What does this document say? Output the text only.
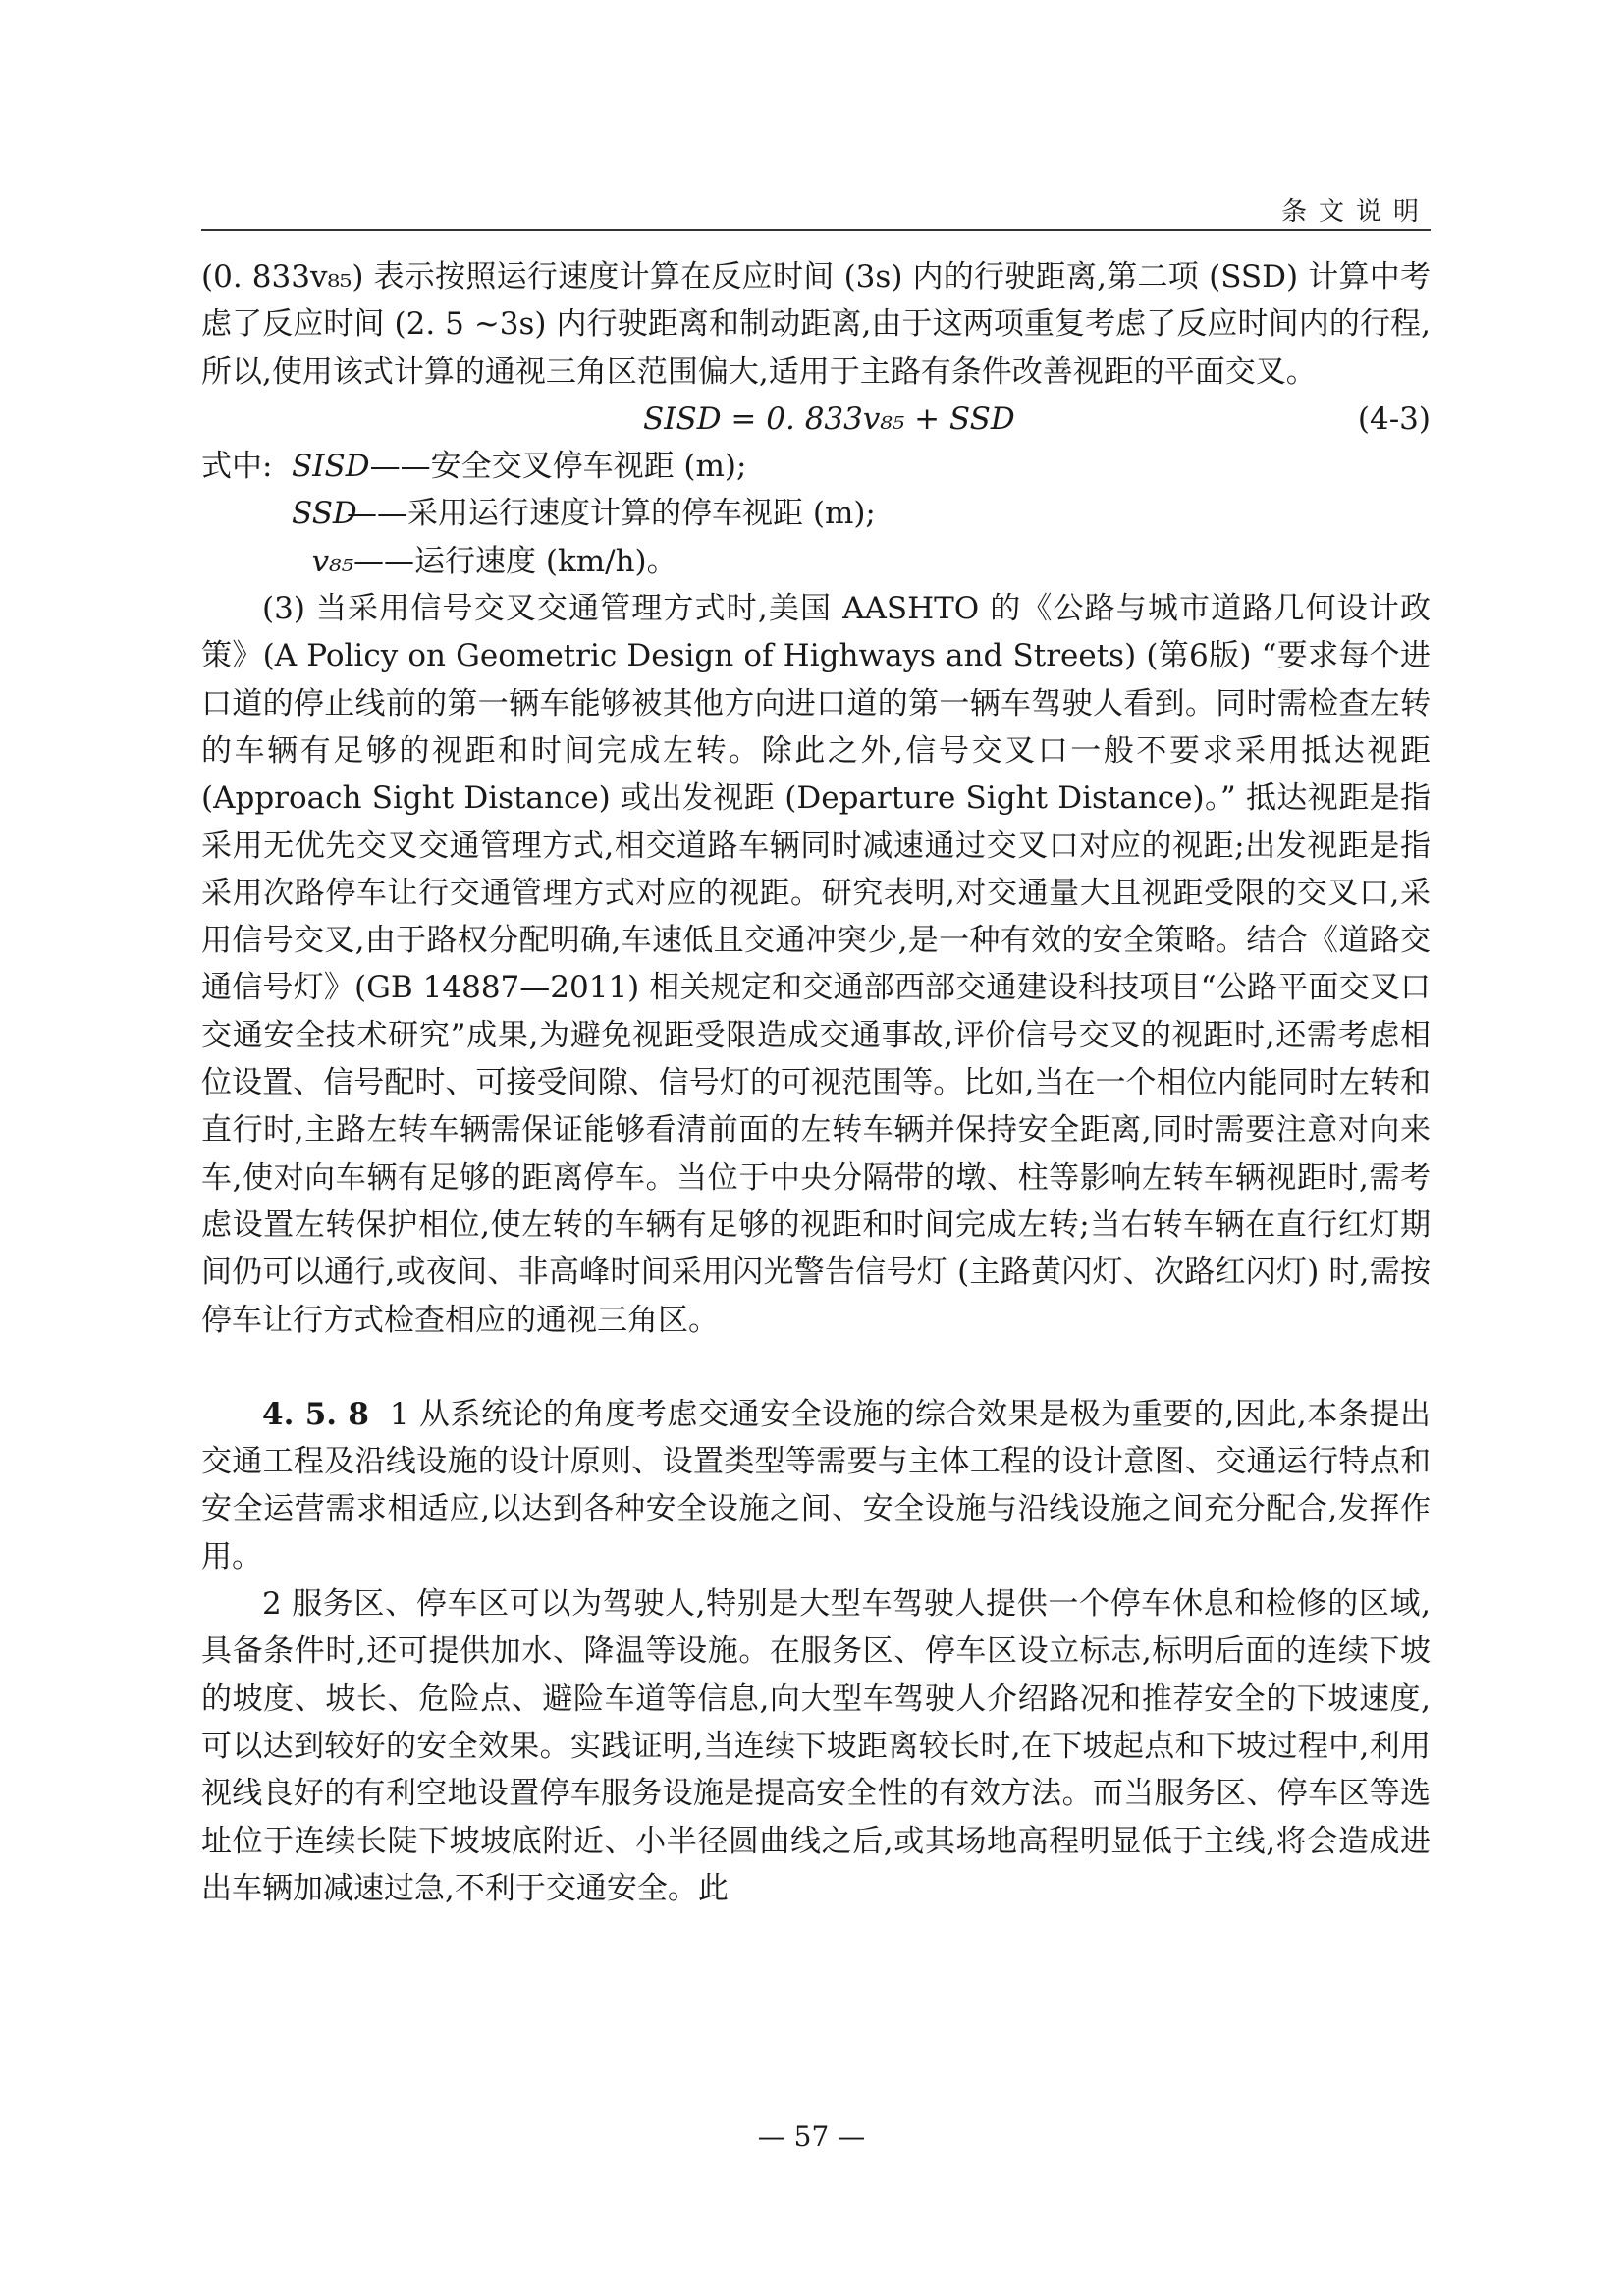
条文说明

(0. 833v₈₅) 表示按照运行速度计算在反应时间 (3s) 内的行驶距离,第二项 (SSD) 计算中考虑了反应时间 (2. 5 ~3s) 内行驶距离和制动距离,由于这两项重复考虑了反应时间内的行程,所以,使用该式计算的通视三角区范围偏大,适用于主路有条件改善视距的平面交叉。

SISD = 0. 833v₈₅ + SSD	(4-3)
式中: SISD——安全交叉停车视距 (m);
SSD——采用运行速度计算的停车视距 (m);
v₈₅——运行速度 (km/h)。

(3) 当采用信号交叉交通管理方式时,美国 AASHTO 的《公路与城市道路几何设计政策》(A Policy on Geometric Design of Highways and Streets) (第6版) “要求每个进口道的停止线前的第一辆车能够被其他方向进口道的第一辆车驾驶人看到。同时需检查左转的车辆有足够的视距和时间完成左转。除此之外,信号交叉口一般不要求采用抵达视距 (Approach Sight Distance) 或出发视距 (Departure Sight Distance)。” 抵达视距是指采用无优先交叉交通管理方式,相交道路车辆同时减速通过交叉口对应的视距;出发视距是指采用次路停车让行交通管理方式对应的视距。研究表明,对交通量大且视距受限的交叉口,采用信号交叉,由于路权分配明确,车速低且交通冲突少,是一种有效的安全策略。结合《道路交通信号灯》(GB 14887—2011) 相关规定和交通部西部交通建设科技项目“公路平面交叉口交通安全技术研究”成果,为避免视距受限造成交通事故,评价信号交叉的视距时,还需考虑相位设置、信号配时、可接受间隙、信号灯的可视范围等。比如,当在一个相位内能同时左转和直行时,主路左转车辆需保证能够看清前面的左转车辆并保持安全距离,同时需要注意对向来车,使对向车辆有足够的距离停车。当位于中央分隔带的墩、柱等影响左转车辆视距时,需考虑设置左转保护相位,使左转的车辆有足够的视距和时间完成左转;当右转车辆在直行红灯期间仍可以通行,或夜间、非高峰时间采用闪光警告信号灯 (主路黄闪灯、次路红闪灯) 时,需按停车让行方式检查相应的通视三角区。

4. 5. 8 1 从系统论的角度考虑交通安全设施的综合效果是极为重要的,因此,本条提出交通工程及沿线设施的设计原则、设置类型等需要与主体工程的设计意图、交通运行特点和安全运营需求相适应,以达到各种安全设施之间、安全设施与沿线设施之间充分配合,发挥作用。

2 服务区、停车区可以为驾驶人,特别是大型车驾驶人提供一个停车休息和检修的区域,具备条件时,还可提供加水、降温等设施。在服务区、停车区设立标志,标明后面的连续下坡的坡度、坡长、危险点、避险车道等信息,向大型车驾驶人介绍路况和推荐安全的下坡速度,可以达到较好的安全效果。实践证明,当连续下坡距离较长时,在下坡起点和下坡过程中,利用视线良好的有利空地设置停车服务设施是提高安全性的有效方法。而当服务区、停车区等选址位于连续长陡下坡坡底附近、小半径圆曲线之后,或其场地高程明显低于主线,将会造成进出车辆加减速过急,不利于交通安全。此

— 57 —
